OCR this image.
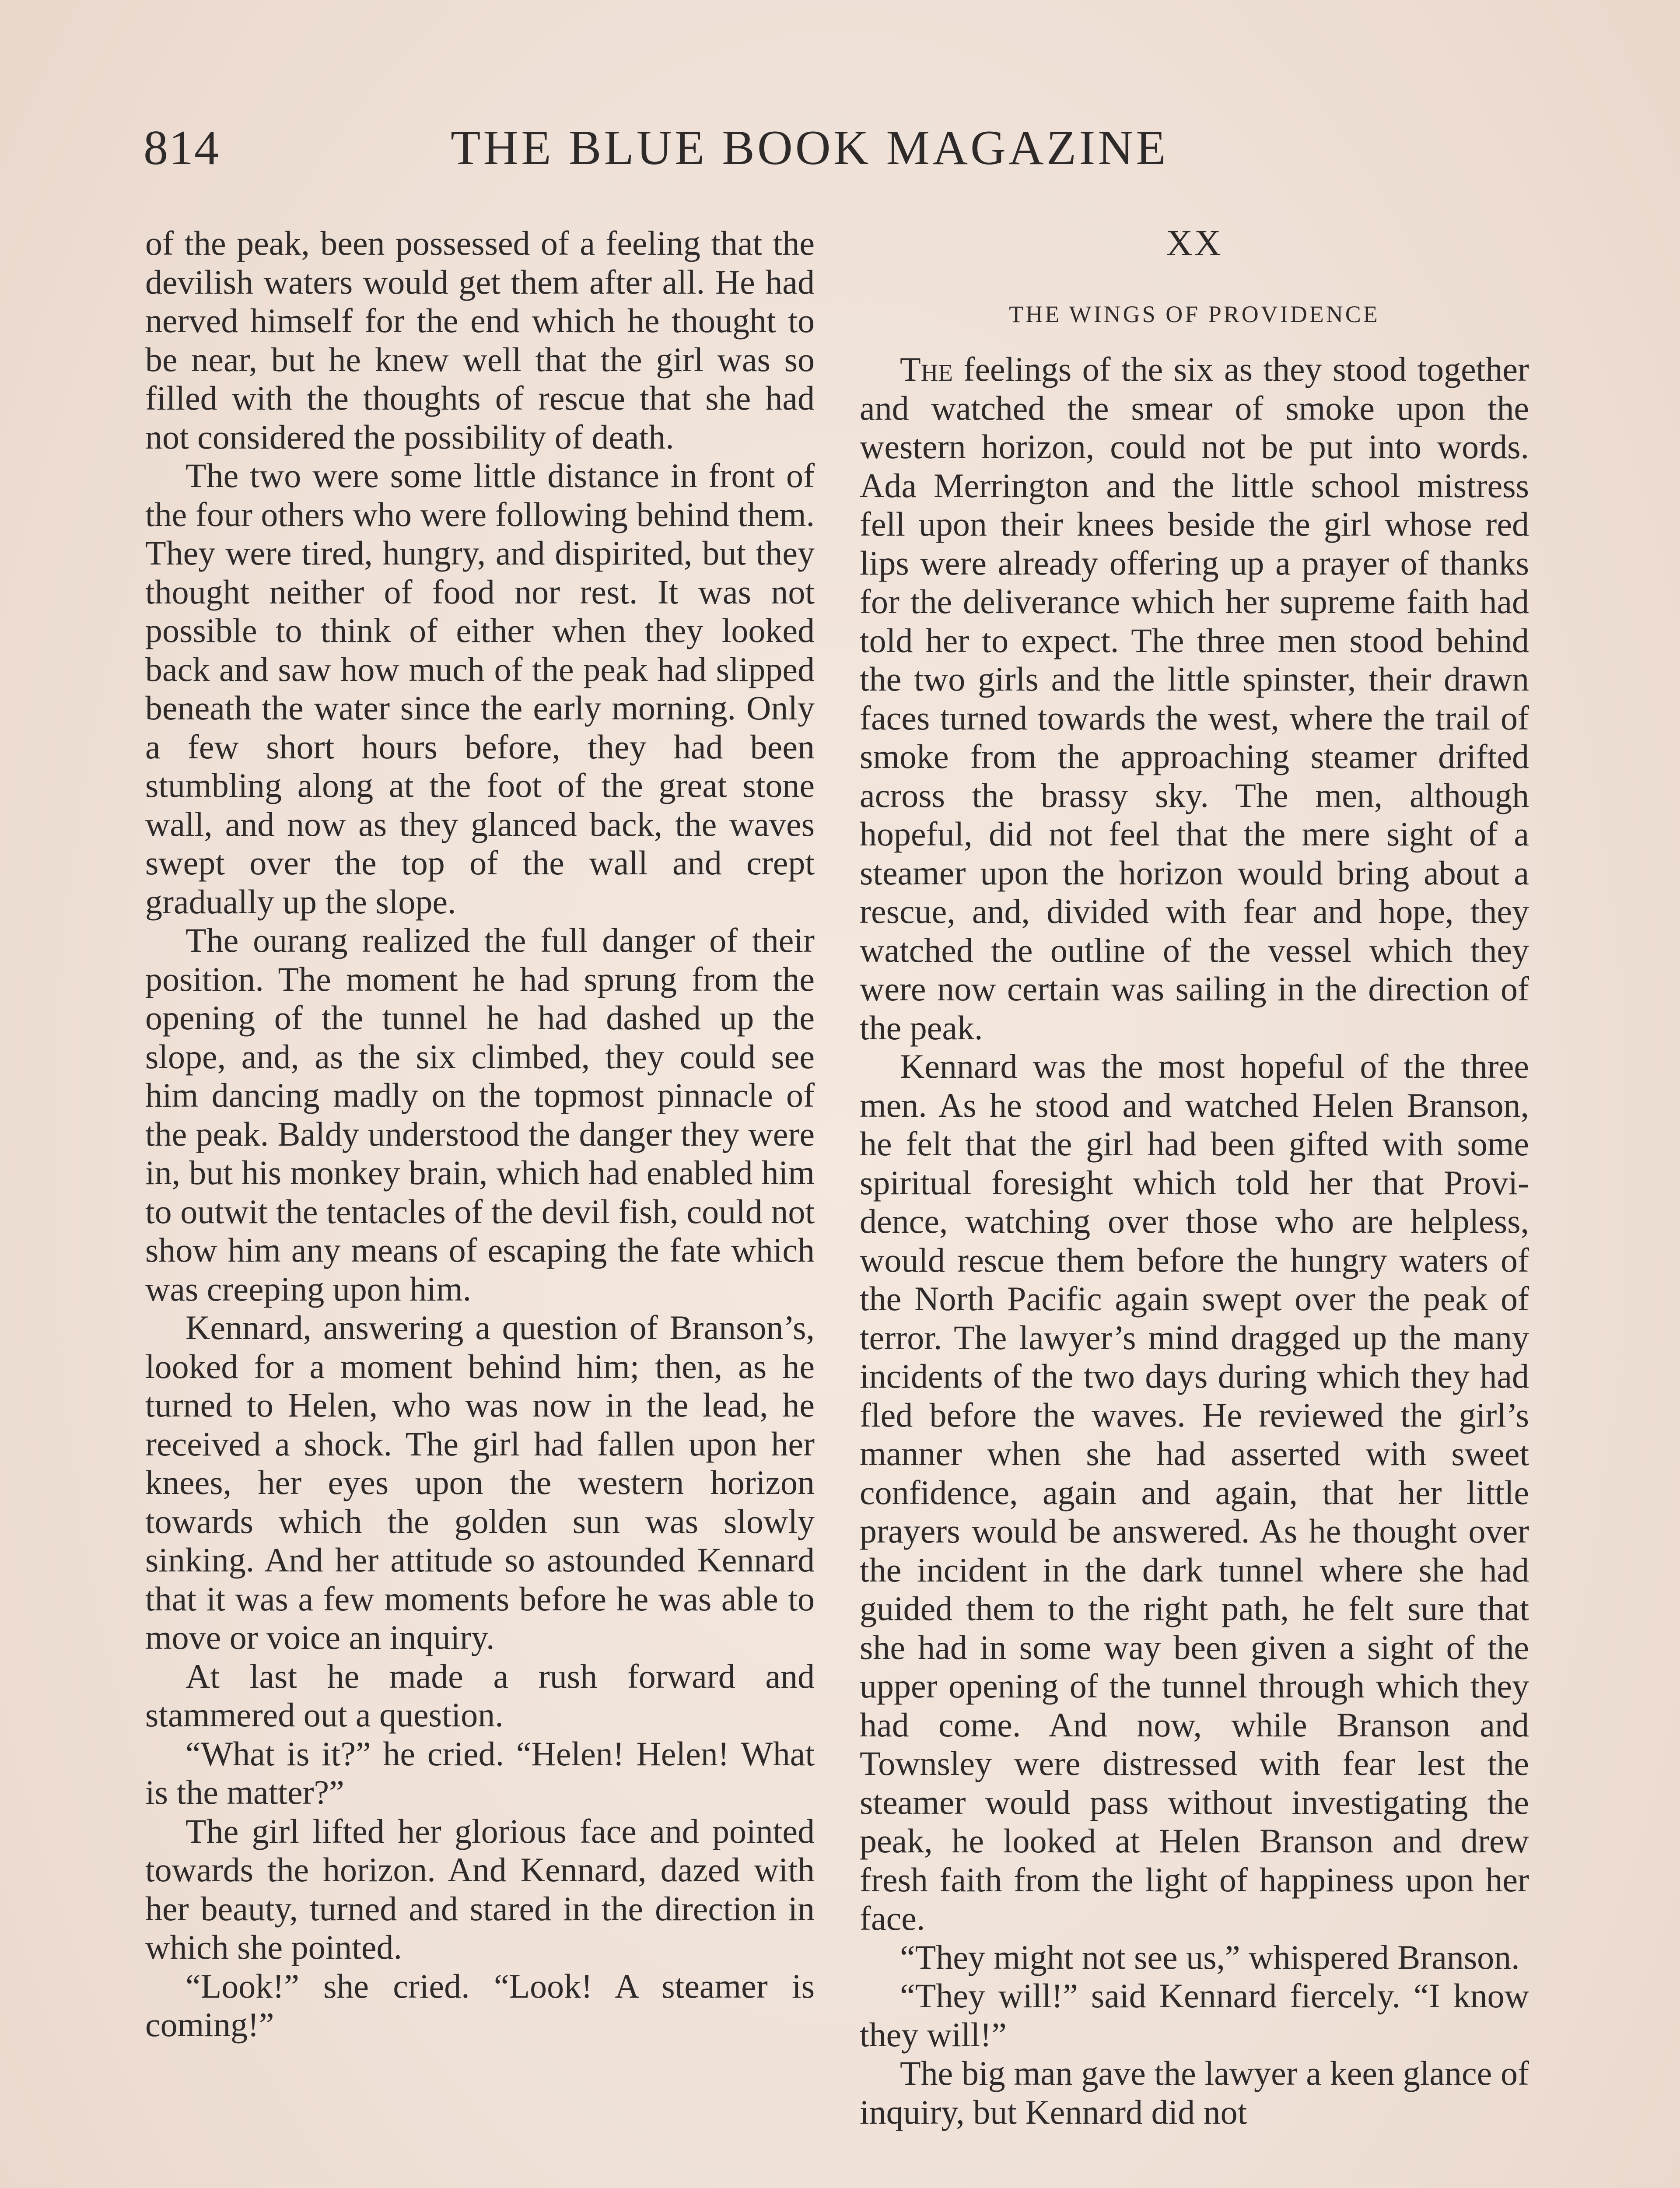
814	THE BLUE BOOK MAGAZINE

of the peak, been possessed of a feeling that the devilish waters would get them after all. He had nerved himself for the end which he thought to be near, but he knew well that the girl was so filled with the thoughts of rescue that she had not considered the possibility of death.

The two were some little distance in front of the four others who were following behind them. They were tired, hungry, and dispirited, but they thought neither of food nor rest. It was not possible to think of either when they looked back and saw how much of the peak had slipped beneath the water since the early morning. Only a few short hours before, they had been stumbling along at the foot of the great stone wall, and now as they glanced back, the waves swept over the top of the wall and crept gradually up the slope.

The ourang realized the full danger of their position. The moment he had sprung from the opening of the tunnel he had dashed up the slope, and, as the six climbed, they could see him dancing madly on the topmost pinnacle of the peak. Baldy understood the danger they were in, but his monkey brain, which had enabled him to outwit the tentacles of the devil fish, could not show him any means of escaping the fate which was creeping upon him.

Kennard, answering a question of Branson’s, looked for a moment behind him; then, as he turned to Helen, who was now in the lead, he received a shock. The girl had fallen upon her knees, her eyes upon the western horizon towards which the golden sun was slowly sinking. And her attitude so astounded Kennard that it was a few moments before he was able to move or voice an inquiry.

At last he made a rush forward and stammered out a question.

“What is it?” he cried. “Helen! Helen! What is the matter?”

The girl lifted her glorious face and pointed towards the horizon. And Kennard, dazed with her beauty, turned and stared in the direction in which she pointed.

“Look!” she cried. “Look! A steamer is coming!”

XX
THE WINGS OF PROVIDENCE

The feelings of the six as they stood together and watched the smear of smoke upon the western horizon, could not be put into words. Ada Merrington and the little school mistress fell upon their knees beside the girl whose red lips were already offering up a prayer of thanks for the deliverance which her supreme faith had told her to expect. The three men stood behind the two girls and the little spinster, their drawn faces turned towards the west, where the trail of smoke from the approaching steamer drifted across the brassy sky. The men, although hopeful, did not feel that the mere sight of a steamer upon the horizon would bring about a rescue, and, divided with fear and hope, they watched the outline of the vessel which they were now certain was sailing in the direction of the peak.

Kennard was the most hopeful of the three men. As he stood and watched Helen Branson, he felt that the girl had been gifted with some spiritual foresight which told her that Providence, watching over those who are helpless, would rescue them before the hungry waters of the North Pacific again swept over the peak of terror. The lawyer’s mind dragged up the many incidents of the two days during which they had fled before the waves. He reviewed the girl’s manner when she had asserted with sweet confidence, again and again, that her little prayers would be answered. As he thought over the incident in the dark tunnel where she had guided them to the right path, he felt sure that she had in some way been given a sight of the upper opening of the tunnel through which they had come. And now, while Branson and Townsley were distressed with fear lest the steamer would pass without investigating the peak, he looked at Helen Branson and drew fresh faith from the light of happiness upon her face.

“They might not see us,” whispered Branson.

“They will!” said Kennard fiercely. “I know they will!”

The big man gave the lawyer a keen glance of inquiry, but Kennard did not
